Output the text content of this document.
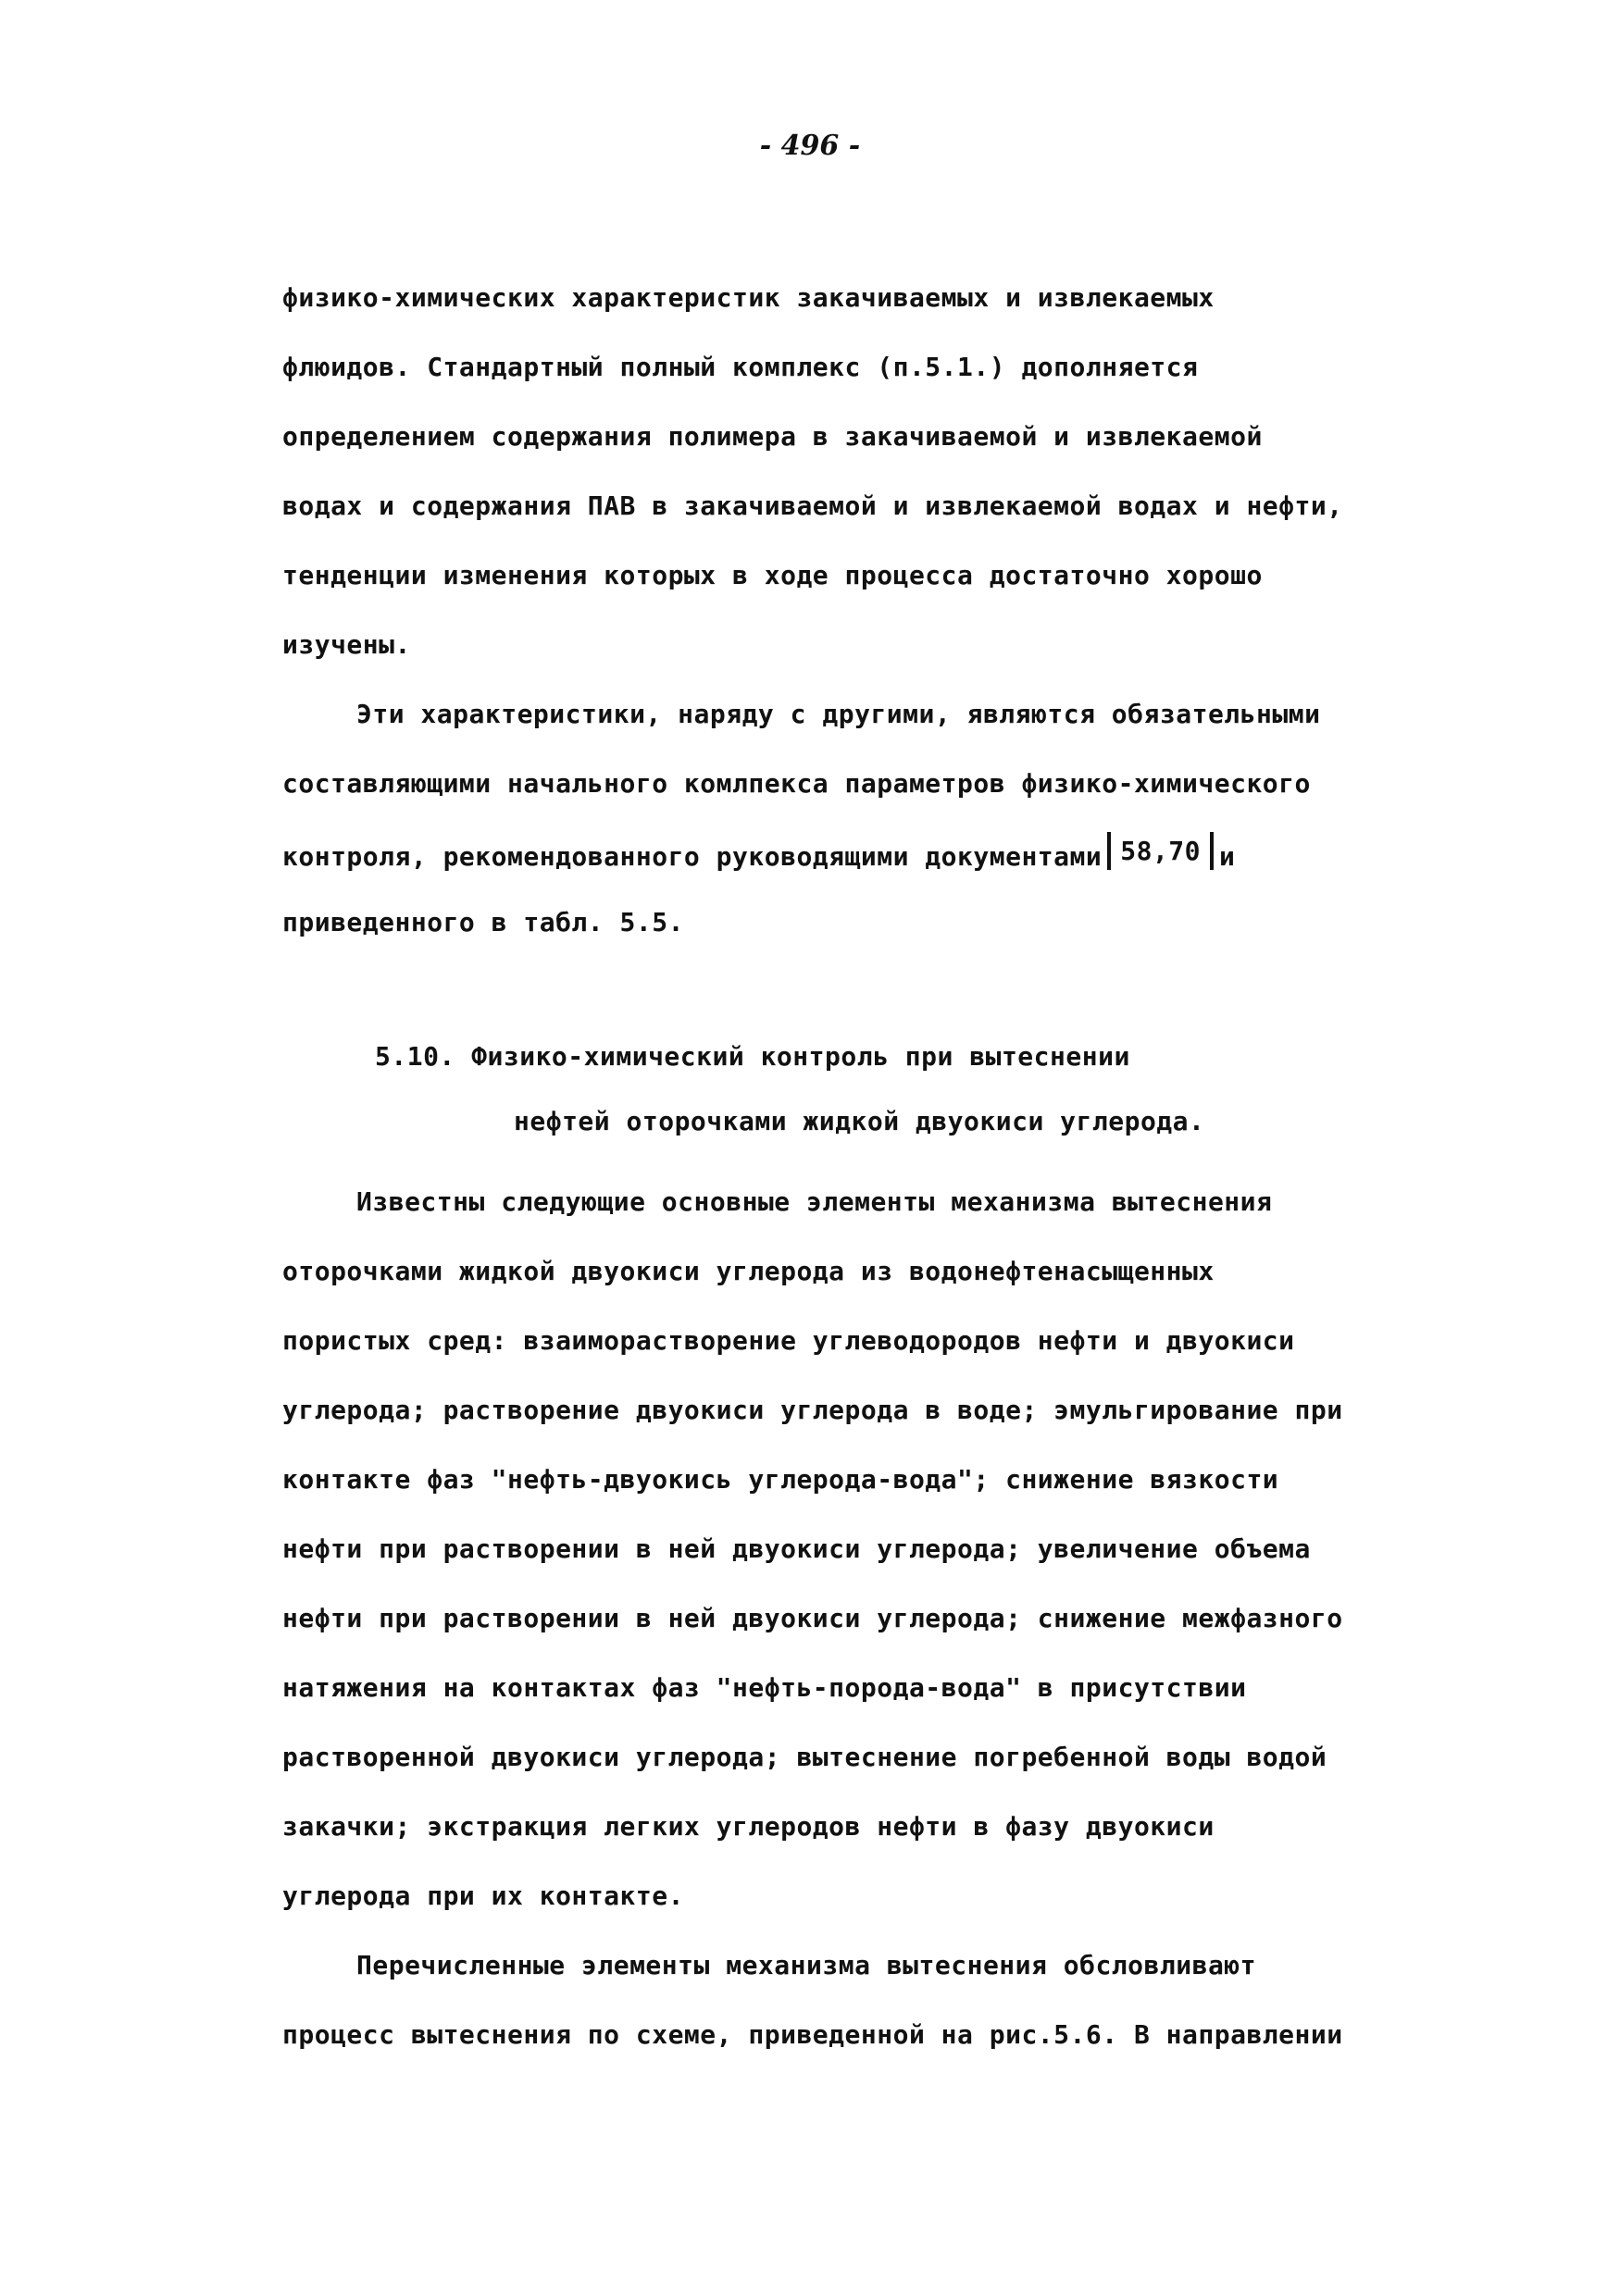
- 496 -
физико-химических характеристик закачиваемых и извлекаемых
флюидов. Стандартный полный комплекс (п.5.1.) дополняется
определением содержания полимера в закачиваемой и извлекаемой
водах и содержания ПАВ в закачиваемой и извлекаемой водах и нефти,
тенденции изменения которых в ходе процесса достаточно хорошо
изучены.
Эти характеристики, наряду с другими, являются обязательными
составляющими начального комлпекса параметров физико-химического
контроля, рекомендованного руководящими документами 58,70 и
приведенного в табл. 5.5.
5.10. Физико-химический контроль при вытеснении
нефтей оторочками жидкой двуокиси углерода.
Известны следующие основные элементы механизма вытеснения
оторочками жидкой двуокиси углерода из водонефтенасыщенных
пористых сред: взаиморастворение углеводородов нефти и двуокиси
углерода; растворение двуокиси углерода в воде; эмульгирование при
контакте фаз "нефть-двуокись углерода-вода"; снижение вязкости
нефти при растворении в ней двуокиси углерода; увеличение объема
нефти при растворении в ней двуокиси углерода; снижение межфазного
натяжения на контактах фаз "нефть-порода-вода" в присутствии
растворенной двуокиси углерода; вытеснение погребенной воды водой
закачки; экстракция легких углеродов нефти в фазу двуокиси
углерода при их контакте.
Перечисленные элементы механизма вытеснения обсловливают
процесс вытеснения по схеме, приведенной на рис.5.6. В направлении
